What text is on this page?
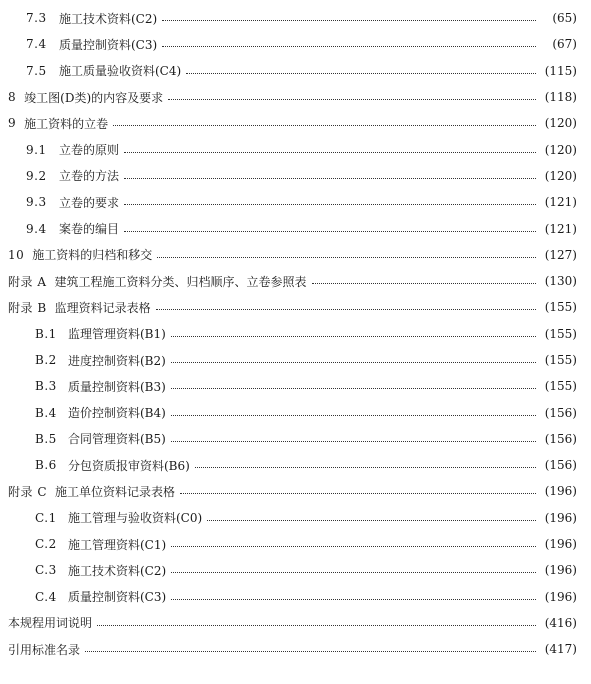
7.3	施工技术资料(C2)	(65)
7.4	质量控制资料(C3)	(67)
7.5	施工质量验收资料(C4)	(115)
8 竣工图(D类)的内容及要求	(118)
9 施工资料的立卷	(120)
9.1	立卷的原则	(120)
9.2	立卷的方法	(120)
9.3	立卷的要求	(121)
9.4	案卷的编目	(121)
10 施工资料的归档和移交	(127)
附录 A 建筑工程施工资料分类、归档顺序、立卷参照表	(130)
附录 B 监理资料记录表格	(155)
B.1 监理管理资料(B1)	(155)
B.2 进度控制资料(B2)	(155)
B.3 质量控制资料(B3)	(155)
B.4 造价控制资料(B4)	(156)
B.5 合同管理资料(B5)	(156)
B.6 分包资质报审资料(B6)	(156)
附录 C 施工单位资料记录表格	(196)
C.1 施工管理与验收资料(C0)	(196)
C.2 施工管理资料(C1)	(196)
C.3 施工技术资料(C2)	(196)
C.4 质量控制资料(C3)	(196)
本规程用词说明	(416)
引用标准名录	(417)
